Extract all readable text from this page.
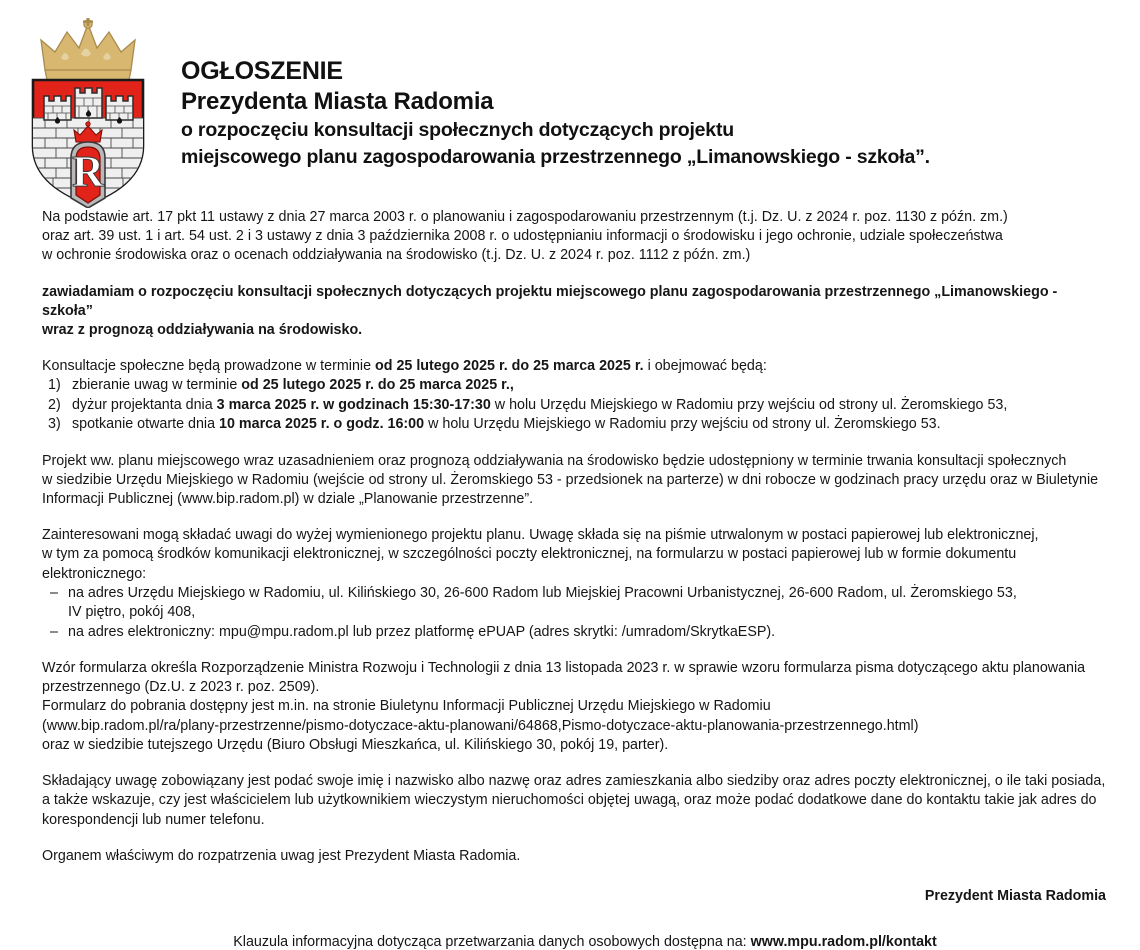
R
OGŁOSZENIE
Prezydenta Miasta Radomia
o rozpoczęciu konsultacji społecznych dotyczących projektu
miejscowego planu zagospodarowania przestrzennego „Limanowskiego - szkoła”.
Na podstawie art. 17 pkt 11 ustawy z dnia 27 marca 2003 r. o planowaniu i zagospodarowaniu przestrzennym (t.j. Dz. U. z 2024 r. poz. 1130 z późn. zm.)
oraz art. 39 ust. 1 i art. 54 ust. 2 i 3 ustawy z dnia 3 października 2008 r. o udostępnianiu informacji o środowisku i jego ochronie, udziale społeczeństwa
w ochronie środowiska oraz o ocenach oddziaływania na środowisko (t.j. Dz. U. z 2024 r. poz. 1112 z późn. zm.)
zawiadamiam o rozpoczęciu konsultacji społecznych dotyczących projektu miejscowego planu zagospodarowania przestrzennego „Limanowskiego - szkoła”
wraz z prognozą oddziaływania na środowisko.
Konsultacje społeczne będą prowadzone w terminie od 25 lutego 2025 r. do 25 marca 2025 r. i obejmować będą:
1) zbieranie uwag w terminie od 25 lutego 2025 r. do 25 marca 2025 r.,
2) dyżur projektanta dnia 3 marca 2025 r. w godzinach 15:30-17:30 w holu Urzędu Miejskiego w Radomiu przy wejściu od strony ul. Żeromskiego 53,
3) spotkanie otwarte dnia 10 marca 2025 r. o godz. 16:00 w holu Urzędu Miejskiego w Radomiu przy wejściu od strony ul. Żeromskiego 53.
Projekt ww. planu miejscowego wraz uzasadnieniem oraz prognozą oddziaływania na środowisko będzie udostępniony w terminie trwania konsultacji społecznych
w siedzibie Urzędu Miejskiego w Radomiu (wejście od strony ul. Żeromskiego 53 - przedsionek na parterze) w dni robocze w godzinach pracy urzędu oraz w Biuletynie
Informacji Publicznej (www.bip.radom.pl) w dziale „Planowanie przestrzenne”.
Zainteresowani mogą składać uwagi do wyżej wymienionego projektu planu. Uwagę składa się na piśmie utrwalonym w postaci papierowej lub elektronicznej,
w tym za pomocą środków komunikacji elektronicznej, w szczególności poczty elektronicznej, na formularzu w postaci papierowej lub w formie dokumentu elektronicznego:
– na adres Urzędu Miejskiego w Radomiu, ul. Kilińskiego 30, 26-600 Radom lub Miejskiej Pracowni Urbanistycznej, 26-600 Radom, ul. Żeromskiego 53,
IV piętro, pokój 408,
– na adres elektroniczny: mpu@mpu.radom.pl lub przez platformę ePUAP (adres skrytki: /umradom/SkrytkaESP).
Wzór formularza określa Rozporządzenie Ministra Rozwoju i Technologii z dnia 13 listopada 2023 r. w sprawie wzoru formularza pisma dotyczącego aktu planowania
przestrzennego (Dz.U. z 2023 r. poz. 2509).
Formularz do pobrania dostępny jest m.in. na stronie Biuletynu Informacji Publicznej Urzędu Miejskiego w Radomiu
(www.bip.radom.pl/ra/plany-przestrzenne/pismo-dotyczace-aktu-planowani/64868,Pismo-dotyczace-aktu-planowania-przestrzennego.html)
oraz w siedzibie tutejszego Urzędu (Biuro Obsługi Mieszkańca, ul. Kilińskiego 30, pokój 19, parter).
Składający uwagę zobowiązany jest podać swoje imię i nazwisko albo nazwę oraz adres zamieszkania albo siedziby oraz adres poczty elektronicznej, o ile taki posiada,
a także wskazuje, czy jest właścicielem lub użytkownikiem wieczystym nieruchomości objętej uwagą, oraz może podać dodatkowe dane do kontaktu takie jak adres do
korespondencji lub numer telefonu.
Organem właściwym do rozpatrzenia uwag jest Prezydent Miasta Radomia.
Prezydent Miasta Radomia
Klauzula informacyjna dotycząca przetwarzania danych osobowych dostępna na: www.mpu.radom.pl/kontakt
